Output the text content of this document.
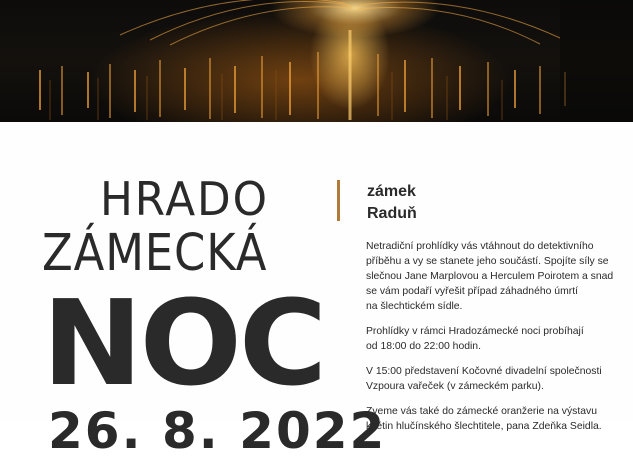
HRADO
ZÁMECKÁ
NOC
26. 8. 2022
zámek
Raduň

Netradiční prohlídky vás vtáhnout do detektivního
příběhu a vy se stanete jeho součástí. Spojíte síly se
slečnou Jane Marplovou a Herculem Poirotem a snad
se vám podaří vyřešit případ záhadného úmrtí
na šlechtickém sídle.

Prohlídky v rámci Hradozámecké noci probíhají
od 18:00 do 22:00 hodin.

V 15:00 představení Kočovné divadelní společnosti
Vzpoura vařeček (v zámeckém parku).

Zveme vás také do zámecké oranžerie na výstavu
květin hlučínského šlechtitele, pana Zdeňka Seidla.
